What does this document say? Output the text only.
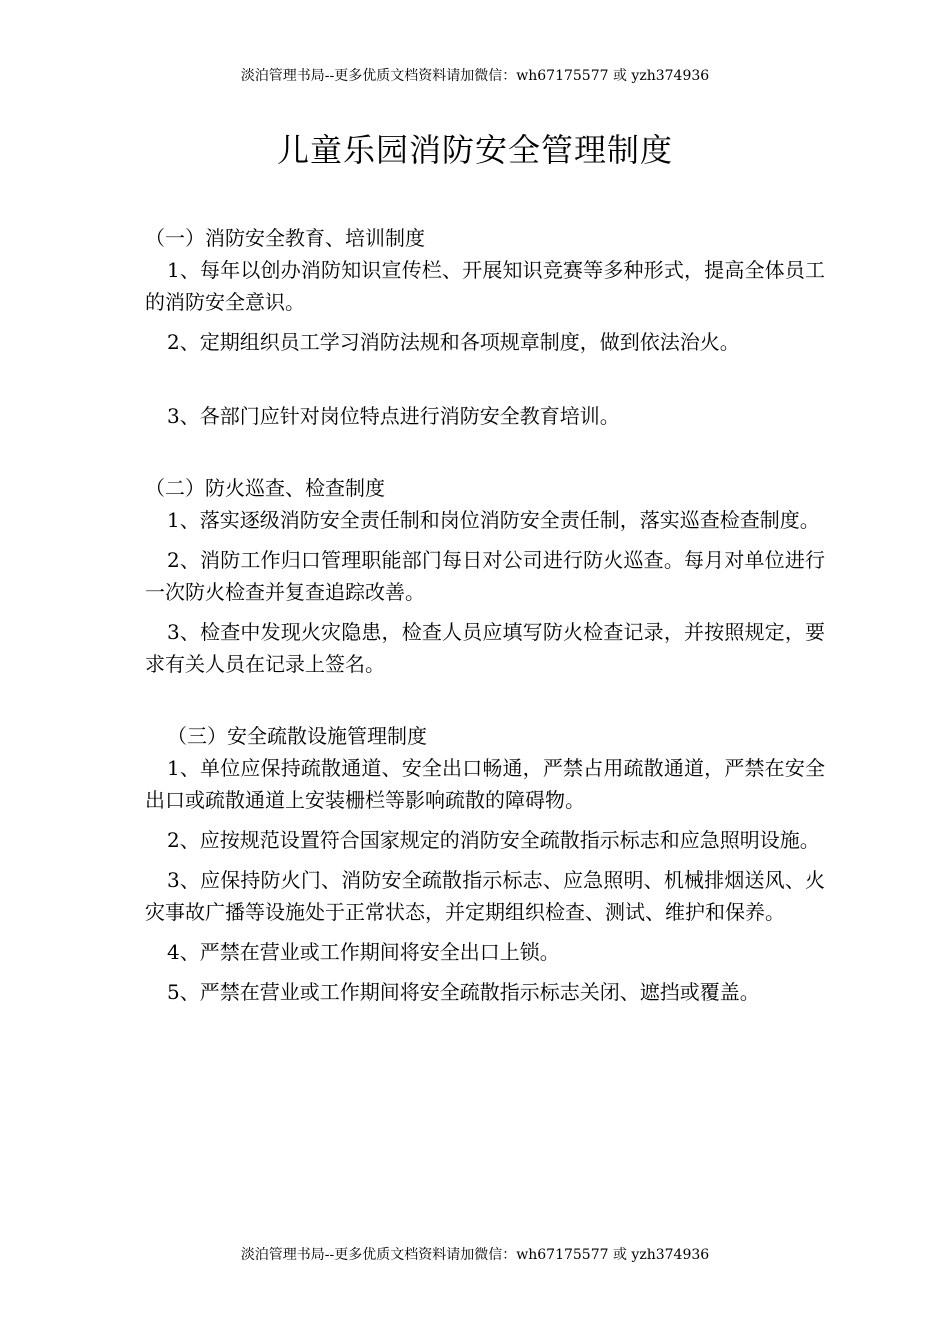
淡泊管理书局--更多优质文档资料请加微信：wh67175577 或 yzh374936
儿童乐园消防安全管理制度
（一）消防安全教育、培训制度

1、每年以创办消防知识宣传栏、开展知识竞赛等多种形式，提高全体员工的消防安全意识。

2、定期组织员工学习消防法规和各项规章制度，做到依法治火。

3、各部门应针对岗位特点进行消防安全教育培训。

（二）防火巡查、检查制度

1、落实逐级消防安全责任制和岗位消防安全责任制，落实巡查检查制度。

2、消防工作归口管理职能部门每日对公司进行防火巡查。每月对单位进行一次防火检查并复查追踪改善。

3、检查中发现火灾隐患，检查人员应填写防火检查记录，并按照规定，要求有关人员在记录上签名。

（三）安全疏散设施管理制度

1、单位应保持疏散通道、安全出口畅通，严禁占用疏散通道，严禁在安全出口或疏散通道上安装栅栏等影响疏散的障碍物。

2、应按规范设置符合国家规定的消防安全疏散指示标志和应急照明设施。

3、应保持防火门、消防安全疏散指示标志、应急照明、机械排烟送风、火灾事故广播等设施处于正常状态，并定期组织检查、测试、维护和保养。

4、严禁在营业或工作期间将安全出口上锁。

5、严禁在营业或工作期间将安全疏散指示标志关闭、遮挡或覆盖。

淡泊管理书局--更多优质文档资料请加微信：wh67175577 或 yzh374936
